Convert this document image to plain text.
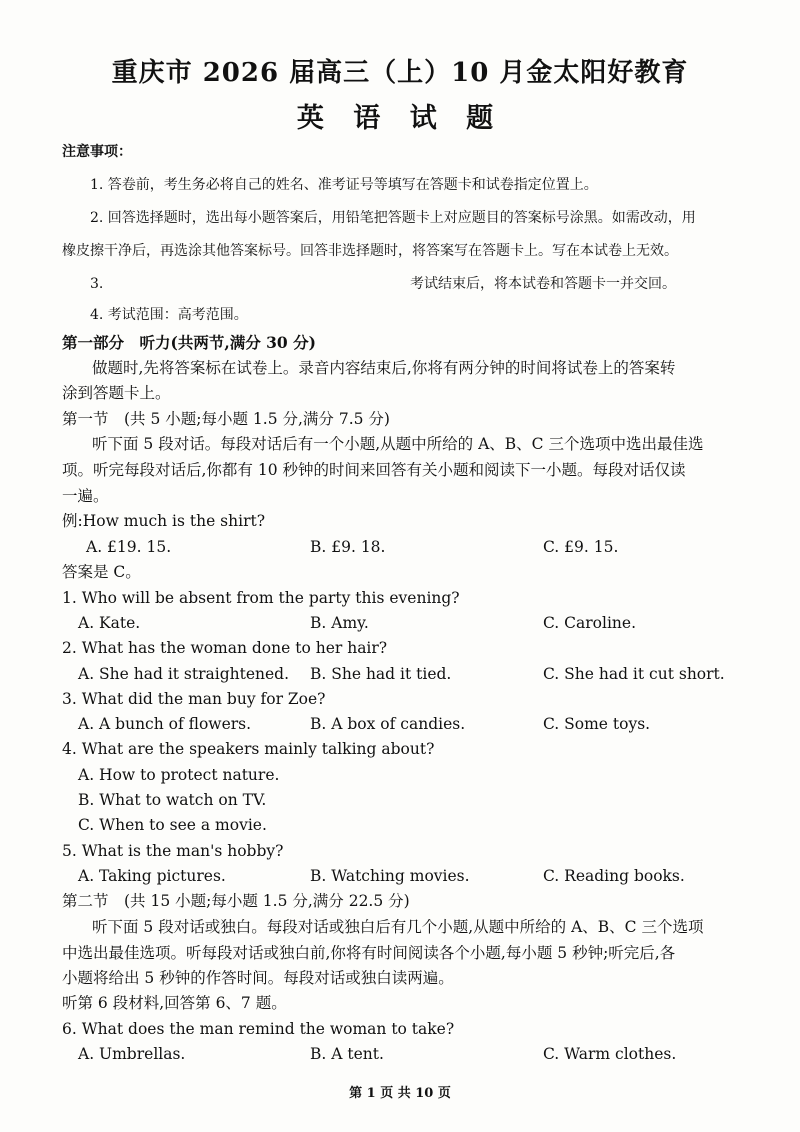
重庆市 2026 届高三（上）10 月金太阳好教育
英 语 试 题
注意事项：
1. 答卷前，考生务必将自己的姓名、准考证号等填写在答题卡和试卷指定位置上。
2. 回答选择题时，选出每小题答案后，用铅笔把答题卡上对应题目的答案标号涂黑。如需改动，用
橡皮擦干净后，再选涂其他答案标号。回答非选择题时，将答案写在答题卡上。写在本试卷上无效。
3.	考试结束后，将本试卷和答题卡一并交回。
4. 考试范围：高考范围。
第一部分　听力(共两节,满分 30 分)
做题时,先将答案标在试卷上。录音内容结束后,你将有两分钟的时间将试卷上的答案转
涂到答题卡上。
第一节　(共 5 小题;每小题 1.5 分,满分 7.5 分)
听下面 5 段对话。每段对话后有一个小题,从题中所给的 A、B、C 三个选项中选出最佳选
项。听完每段对话后,你都有 10 秒钟的时间来回答有关小题和阅读下一小题。每段对话仅读
一遍。
例:How much is the shirt?
A. £19. 15.	B. £9. 18.	C. £9. 15.
答案是 C。
1. Who will be absent from the party this evening?
A. Kate.	B. Amy.	C. Caroline.
2. What has the woman done to her hair?
A. She had it straightened. B. She had it tied.	C. She had it cut short.
3. What did the man buy for Zoe?
A. A bunch of flowers.	B. A box of candies.	C. Some toys.
4. What are the speakers mainly talking about?
A. How to protect nature.
B. What to watch on TV.
C. When to see a movie.
5. What is the man's hobby?
A. Taking pictures.	B. Watching movies.	C. Reading books.
第二节　(共 15 小题;每小题 1.5 分,满分 22.5 分)
听下面 5 段对话或独白。每段对话或独白后有几个小题,从题中所给的 A、B、C 三个选项
中选出最佳选项。听每段对话或独白前,你将有时间阅读各个小题,每小题 5 秒钟;听完后,各
小题将给出 5 秒钟的作答时间。每段对话或独白读两遍。
听第 6 段材料,回答第 6、7 题。
6. What does the man remind the woman to take?
A. Umbrellas.	B. A tent.	C. Warm clothes.
第 1 页 共 10 页
